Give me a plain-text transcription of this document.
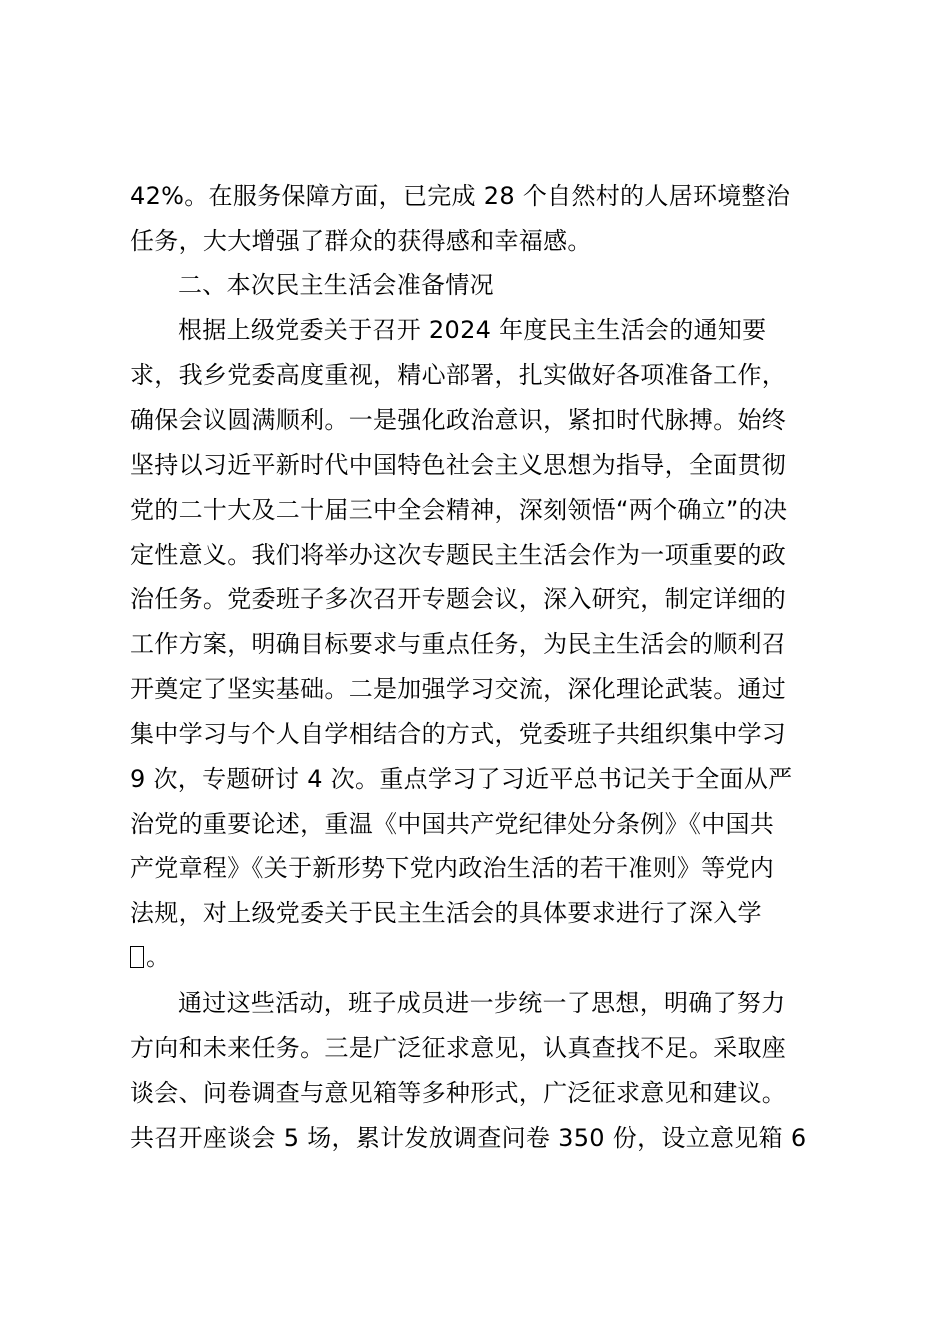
42%。在服务保障方面，已完成 28 个自然村的人居环境整治
任务，大大增强了群众的获得感和幸福感。
二、本次民主生活会准备情况
根据上级党委关于召开 2024 年度民主生活会的通知要
求，我乡党委高度重视，精心部署，扎实做好各项准备工作，
确保会议圆满顺利。一是强化政治意识，紧扣时代脉搏。始终
坚持以习近平新时代中国特色社会主义思想为指导，全面贯彻
党的二十大及二十届三中全会精神，深刻领悟“两个确立”的决
定性意义。我们将举办这次专题民主生活会作为一项重要的政
治任务。党委班子多次召开专题会议，深入研究，制定详细的
工作方案，明确目标要求与重点任务，为民主生活会的顺利召
开奠定了坚实基础。二是加强学习交流，深化理论武装。通过
集中学习与个人自学相结合的方式，党委班子共组织集中学习
9 次，专题研讨 4 次。重点学习了习近平总书记关于全面从严
治党的重要论述，重温《中国共产党纪律处分条例》《中国共
产党章程》《关于新形势下党内政治生活的若干准则》等党内
法规，对上级党委关于民主生活会的具体要求进行了深入学
。
通过这些活动，班子成员进一步统一了思想，明确了努力
方向和未来任务。三是广泛征求意见，认真查找不足。采取座
谈会、问卷调查与意见箱等多种形式，广泛征求意见和建议。
共召开座谈会 5 场，累计发放调查问卷 350 份，设立意见箱 6
